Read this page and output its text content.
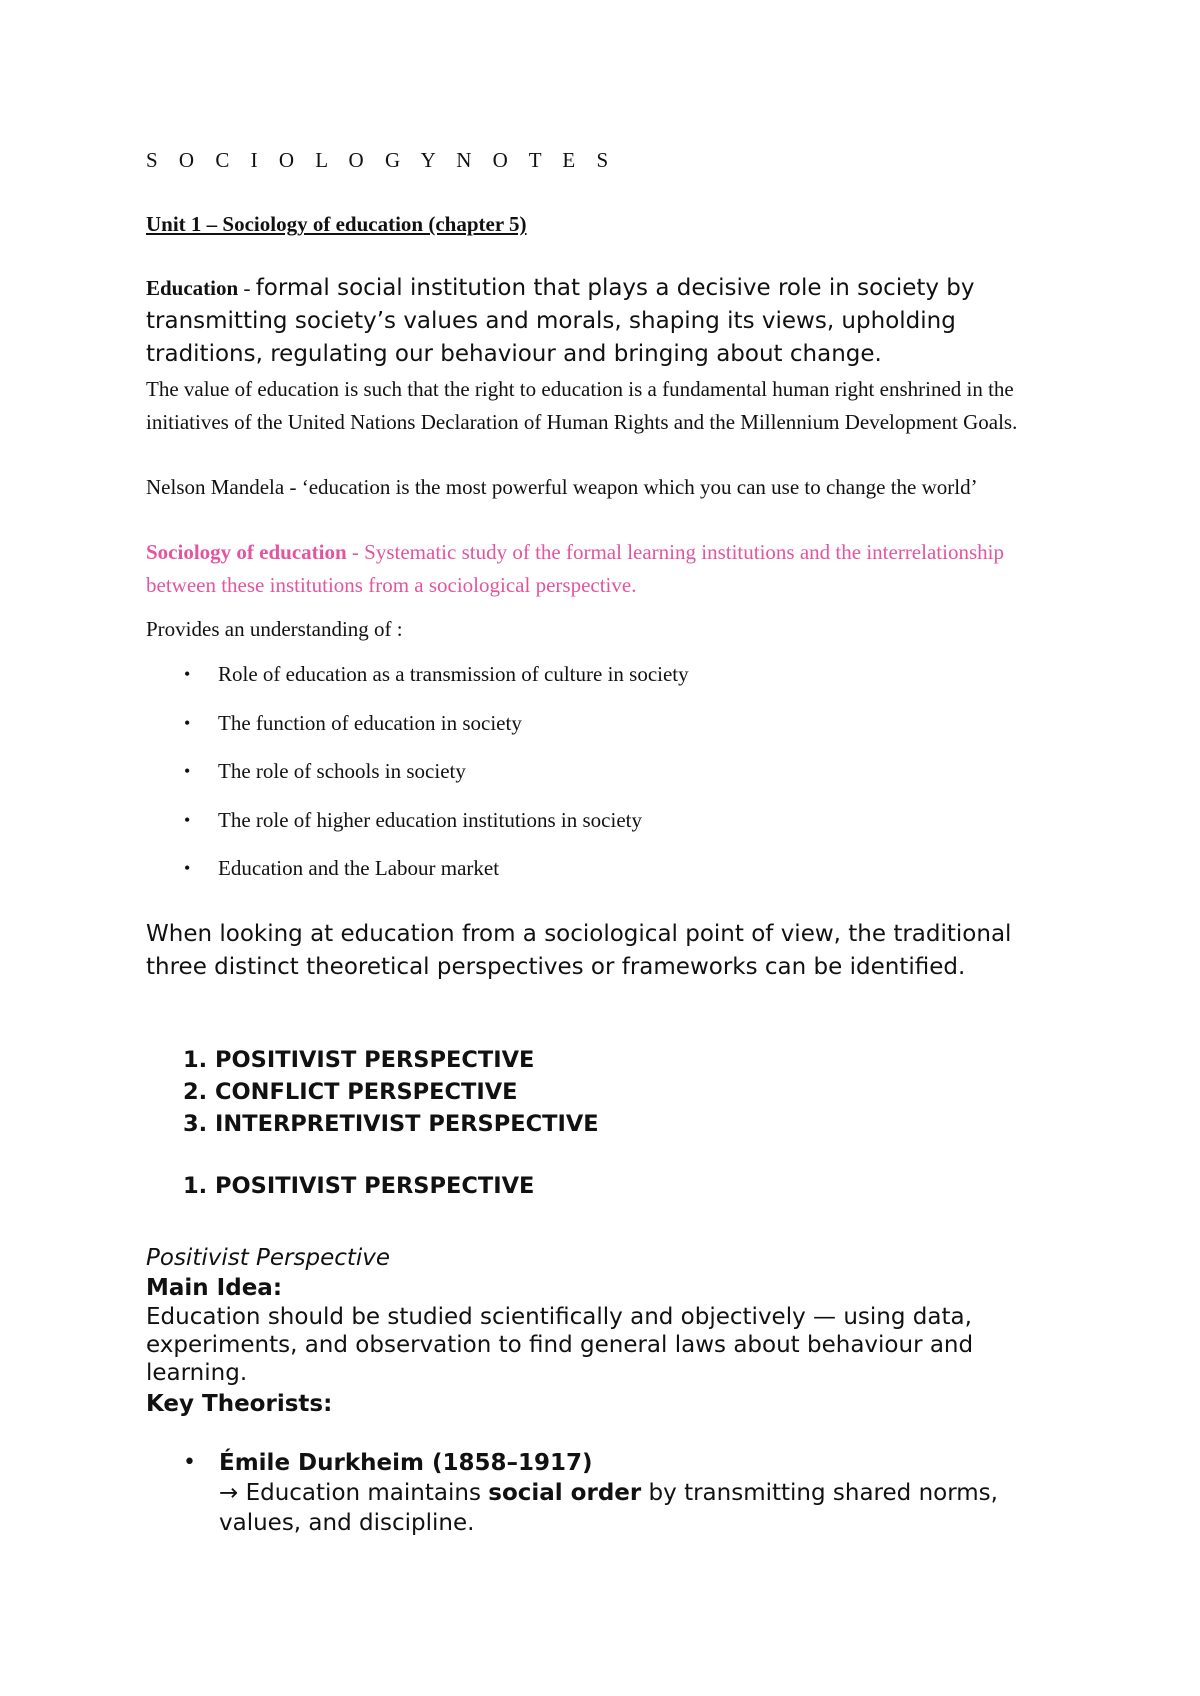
S O C I O L O G Y N O T E S
Unit 1 – Sociology of education (chapter 5)
Education - formal social institution that plays a decisive role in society by transmitting society’s values and morals, shaping its views, upholding traditions, regulating our behaviour and bringing about change.
The value of education is such that the right to education is a fundamental human right enshrined in the initiatives of the United Nations Declaration of Human Rights and the Millennium Development Goals.
Nelson Mandela - ‘education is the most powerful weapon which you can use to change the world’
Sociology of education - Systematic study of the formal learning institutions and the interrelationship between these institutions from a sociological perspective.
Provides an understanding of :
• Role of education as a transmission of culture in society
• The function of education in society
• The role of schools in society
• The role of higher education institutions in society
• Education and the Labour market
When looking at education from a sociological point of view, the traditional three distinct theoretical perspectives or frameworks can be identified.
1. POSITIVIST PERSPECTIVE
2. CONFLICT PERSPECTIVE
3. INTERPRETIVIST PERSPECTIVE
1. POSITIVIST PERSPECTIVE
Positivist Perspective
Main Idea:
Education should be studied scientifically and objectively — using data, experiments, and observation to find general laws about behaviour and learning.
Key Theorists:
• Émile Durkheim (1858–1917)
→ Education maintains social order by transmitting shared norms, values, and discipline.
